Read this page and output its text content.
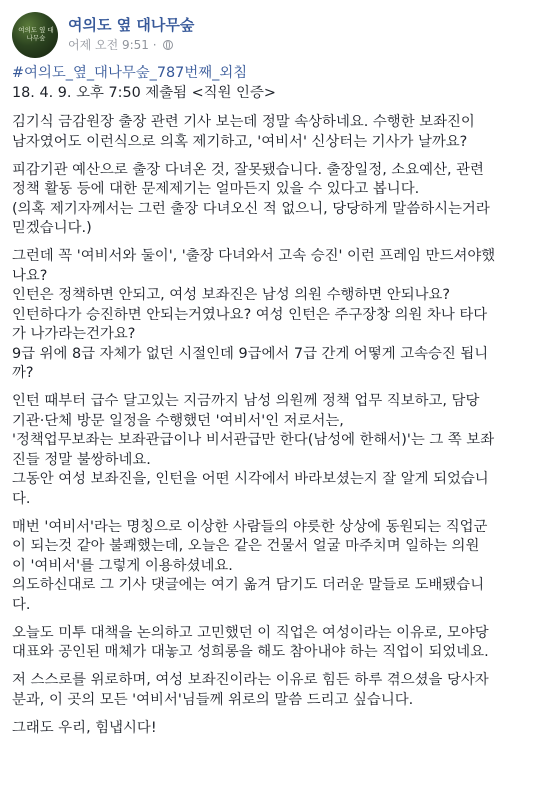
여의도 옆 대나무숲
여의도 옆 대나무숲
어제 오전 9:51 ·

#여의도_옆_대나무숲_787번째_외침
18. 4. 9. 오후 7:50 제출됨 <직원 인증>

김기식 금감원장 출장 관련 기사 보는데 정말 속상하네요. 수행한 보좌진이
남자였어도 이런식으로 의혹 제기하고, '여비서' 신상터는 기사가 날까요?

피감기관 예산으로 출장 다녀온 것, 잘못됐습니다. 출장일정, 소요예산, 관련
정책 활동 등에 대한 문제제기는 얼마든지 있을 수 있다고 봅니다.
(의혹 제기자께서는 그런 출장 다녀오신 적 없으니, 당당하게 말씀하시는거라
믿겠습니다.)

그런데 꼭 '여비서와 둘이', '출장 다녀와서 고속 승진' 이런 프레임 만드셔야했
나요?
인턴은 정책하면 안되고, 여성 보좌진은 남성 의원 수행하면 안되나요?
인턴하다가 승진하면 안되는거였나요? 여성 인턴은 주구장창 의원 차나 타다
가 나가라는건가요?
9급 위에 8급 자체가 없던 시절인데 9급에서 7급 간게 어떻게 고속승진 됩니
까?

인턴 때부터 급수 달고있는 지금까지 남성 의원께 정책 업무 직보하고, 담당
기관·단체 방문 일정을 수행했던 '여비서'인 저로서는,
'정책업무보좌는 보좌관급이나 비서관급만 한다(남성에 한해서)'는 그 쪽 보좌
진들 정말 불쌍하네요.
그동안 여성 보좌진을, 인턴을 어떤 시각에서 바라보셨는지 잘 알게 되었습니
다.

매번 '여비서'라는 명칭으로 이상한 사람들의 야릇한 상상에 동원되는 직업군
이 되는것 같아 불쾌했는데, 오늘은 같은 건물서 얼굴 마주치며 일하는 의원
이 '여비서'를 그렇게 이용하셨네요.
의도하신대로 그 기사 댓글에는 여기 옮겨 담기도 더러운 말들로 도배됐습니
다.

오늘도 미투 대책을 논의하고 고민했던 이 직업은 여성이라는 이유로, 모야당
대표와 공인된 매체가 대놓고 성희롱을 해도 참아내야 하는 직업이 되었네요.

저 스스로를 위로하며, 여성 보좌진이라는 이유로 힘든 하루 겪으셨을 당사자
분과, 이 곳의 모든 '여비서'님들께 위로의 말씀 드리고 싶습니다.

그래도 우리, 힘냅시다!
